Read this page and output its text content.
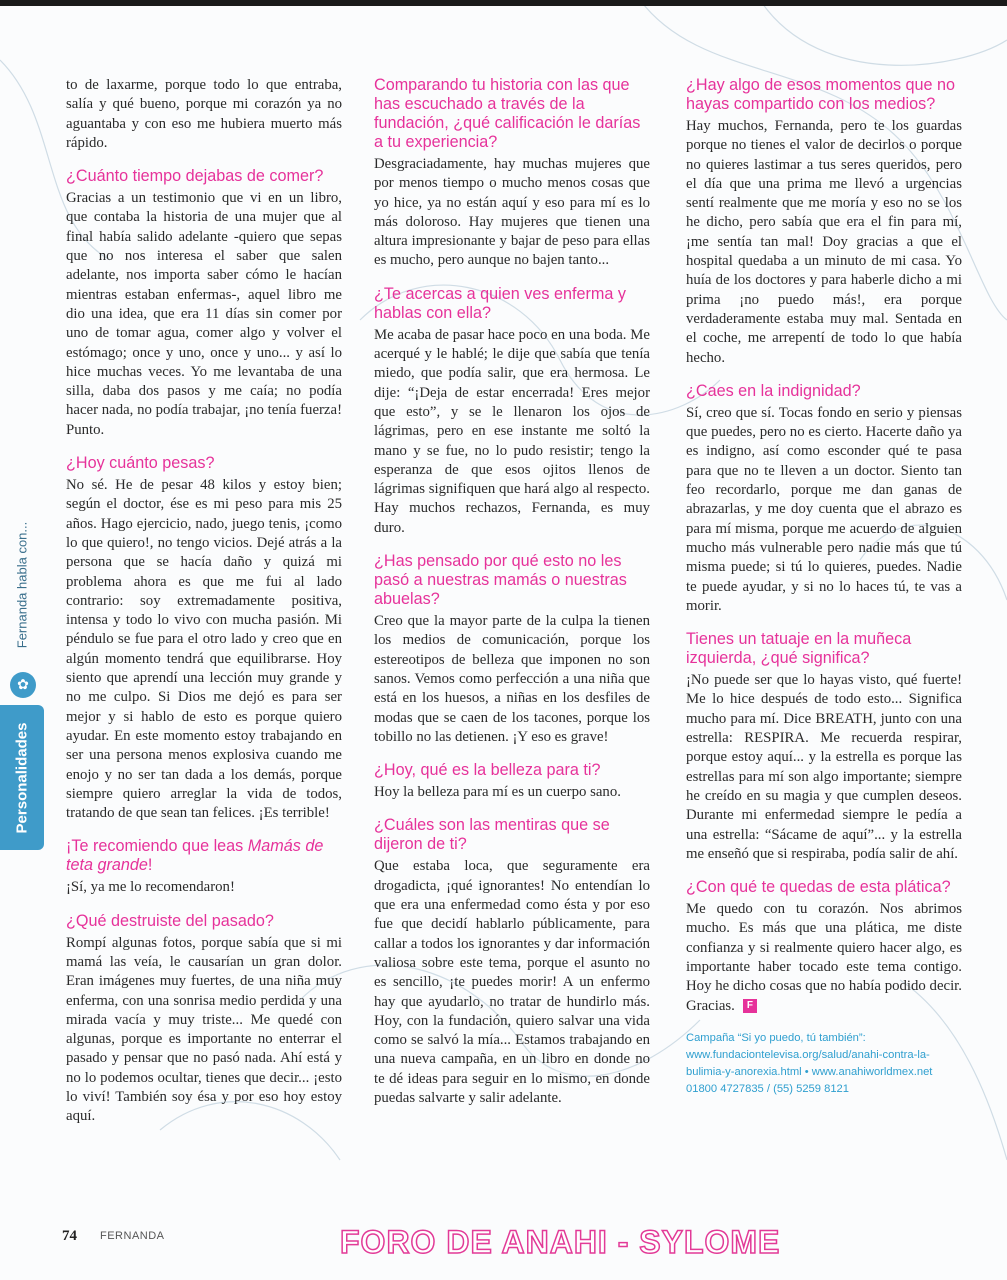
to de laxarme, porque todo lo que entraba, salía y qué bueno, porque mi corazón ya no aguantaba y con eso me hubiera muerto más rápido.

¿Cuánto tiempo dejabas de comer?

Gracias a un testimonio que vi en un libro, que contaba la historia de una mujer que al final había salido adelante -quiero que sepas que no nos interesa el saber que salen adelante, nos importa saber cómo le hacían mientras estaban enfermas-, aquel libro me dio una idea, que era 11 días sin comer por uno de tomar agua, comer algo y volver el estómago; once y uno, once y uno... y así lo hice muchas veces. Yo me levantaba de una silla, daba dos pasos y me caía; no podía hacer nada, no podía trabajar, ¡no tenía fuerza! Punto.

¿Hoy cuánto pesas?

No sé. He de pesar 48 kilos y estoy bien; según el doctor, ése es mi peso para mis 25 años. Hago ejercicio, nado, juego tenis, ¡como lo que quiero!, no tengo vicios. Dejé atrás a la persona que se hacía daño y quizá mi problema ahora es que me fui al lado contrario: soy extremadamente positiva, intensa y todo lo vivo con mucha pasión. Mi péndulo se fue para el otro lado y creo que en algún momento tendrá que equilibrarse. Hoy siento que aprendí una lección muy grande y no me culpo. Si Dios me dejó es para ser mejor y si hablo de esto es porque quiero ayudar. En este momento estoy trabajando en ser una persona menos explosiva cuando me enojo y no ser tan dada a los demás, porque siempre quiero arreglar la vida de todos, tratando de que sean tan felices. ¡Es terrible!

¡Te recomiendo que leas Mamás de teta grande!

¡Sí, ya me lo recomendaron!

¿Qué destruiste del pasado?

Rompí algunas fotos, porque sabía que si mi mamá las veía, le causarían un gran dolor. Eran imágenes muy fuertes, de una niña muy enferma, con una sonrisa medio perdida y una mirada vacía y muy triste... Me quedé con algunas, porque es importante no enterrar el pasado y pensar que no pasó nada. Ahí está y no lo podemos ocultar, tienes que decir... ¡esto lo viví! También soy ésa y por eso hoy estoy aquí.

Comparando tu historia con las que has escuchado a través de la fundación, ¿qué calificación le darías a tu experiencia?

Desgraciadamente, hay muchas mujeres que por menos tiempo o mucho menos cosas que yo hice, ya no están aquí y eso para mí es lo más doloroso. Hay mujeres que tienen una altura impresionante y bajar de peso para ellas es mucho, pero aunque no bajen tanto...

¿Te acercas a quien ves enferma y hablas con ella?

Me acaba de pasar hace poco en una boda. Me acerqué y le hablé; le dije que sabía que tenía miedo, que podía salir, que era hermosa. Le dije: “¡Deja de estar encerrada! Eres mejor que esto”, y se le llenaron los ojos de lágrimas, pero en ese instante me soltó la mano y se fue, no lo pudo resistir; tengo la esperanza de que esos ojitos llenos de lágrimas signifiquen que hará algo al respecto. Hay muchos rechazos, Fernanda, es muy duro.

¿Has pensado por qué esto no les pasó a nuestras mamás o nuestras abuelas?

Creo que la mayor parte de la culpa la tienen los medios de comunicación, porque los estereotipos de belleza que imponen no son sanos. Vemos como perfección a una niña que está en los huesos, a niñas en los desfiles de modas que se caen de los tacones, porque los tobillo no las detienen. ¡Y eso es grave!

¿Hoy, qué es la belleza para ti?

Hoy la belleza para mí es un cuerpo sano.

¿Cuáles son las mentiras que se dijeron de ti?

Que estaba loca, que seguramente era drogadicta, ¡qué ignorantes! No entendían lo que era una enfermedad como ésta y por eso fue que decidí hablarlo públicamente, para callar a todos los ignorantes y dar información valiosa sobre este tema, porque el asunto no es sencillo, ¡te puedes morir! A un enfermo hay que ayudarlo, no tratar de hundirlo más. Hoy, con la fundación, quiero salvar una vida como se salvó la mía... Estamos trabajando en una nueva campaña, en un libro en donde no te dé ideas para seguir en lo mismo, en donde puedas salvarte y salir adelante.

¿Hay algo de esos momentos que no hayas compartido con los medios?

Hay muchos, Fernanda, pero te los guardas porque no tienes el valor de decirlos o porque no quieres lastimar a tus seres queridos, pero el día que una prima me llevó a urgencias sentí realmente que me moría y eso no se los he dicho, pero sabía que era el fin para mí, ¡me sentía tan mal! Doy gracias a que el hospital quedaba a un minuto de mi casa. Yo huía de los doctores y para haberle dicho a mi prima ¡no puedo más!, era porque verdaderamente estaba muy mal. Sentada en el coche, me arrepentí de todo lo que había hecho.

¿Caes en la indignidad?

Sí, creo que sí. Tocas fondo en serio y piensas que puedes, pero no es cierto. Hacerte daño ya es indigno, así como esconder qué te pasa para que no te lleven a un doctor. Siento tan feo recordarlo, porque me dan ganas de abrazarlas, y me doy cuenta que el abrazo es para mí misma, porque me acuerdo de alguien mucho más vulnerable pero nadie más que tú misma puede; si tú lo quieres, puedes. Nadie te puede ayudar, y si no lo haces tú, te vas a morir.

Tienes un tatuaje en la muñeca izquierda, ¿qué significa?

¡No puede ser que lo hayas visto, qué fuerte! Me lo hice después de todo esto... Significa mucho para mí. Dice BREATH, junto con una estrella: RESPIRA. Me recuerda respirar, porque estoy aquí... y la estrella es porque las estrellas para mí son algo importante; siempre he creído en su magia y que cumplen deseos. Durante mi enfermedad siempre le pedía a una estrella: “Sácame de aquí”... y la estrella me enseñó que si respiraba, podía salir de ahí.

¿Con qué te quedas de esta plática?

Me quedo con tu corazón. Nos abrimos mucho. Es más que una plática, me diste confianza y si realmente quiero hacer algo, es importante haber tocado este tema contigo. Hoy he dicho cosas que no había podido decir. Gracias. F

Campaña “Si yo puedo, tú también”:
www.fundaciontelevisa.org/salud/anahi-contra-la-
bulimia-y-anorexia.html • www.anahiworldmex.net
01800 4727835 / (55) 5259 8121
Fernanda habla con...
✿
Personalidades
74 FERNANDA	FORO DE ANAHI - SYLOME
